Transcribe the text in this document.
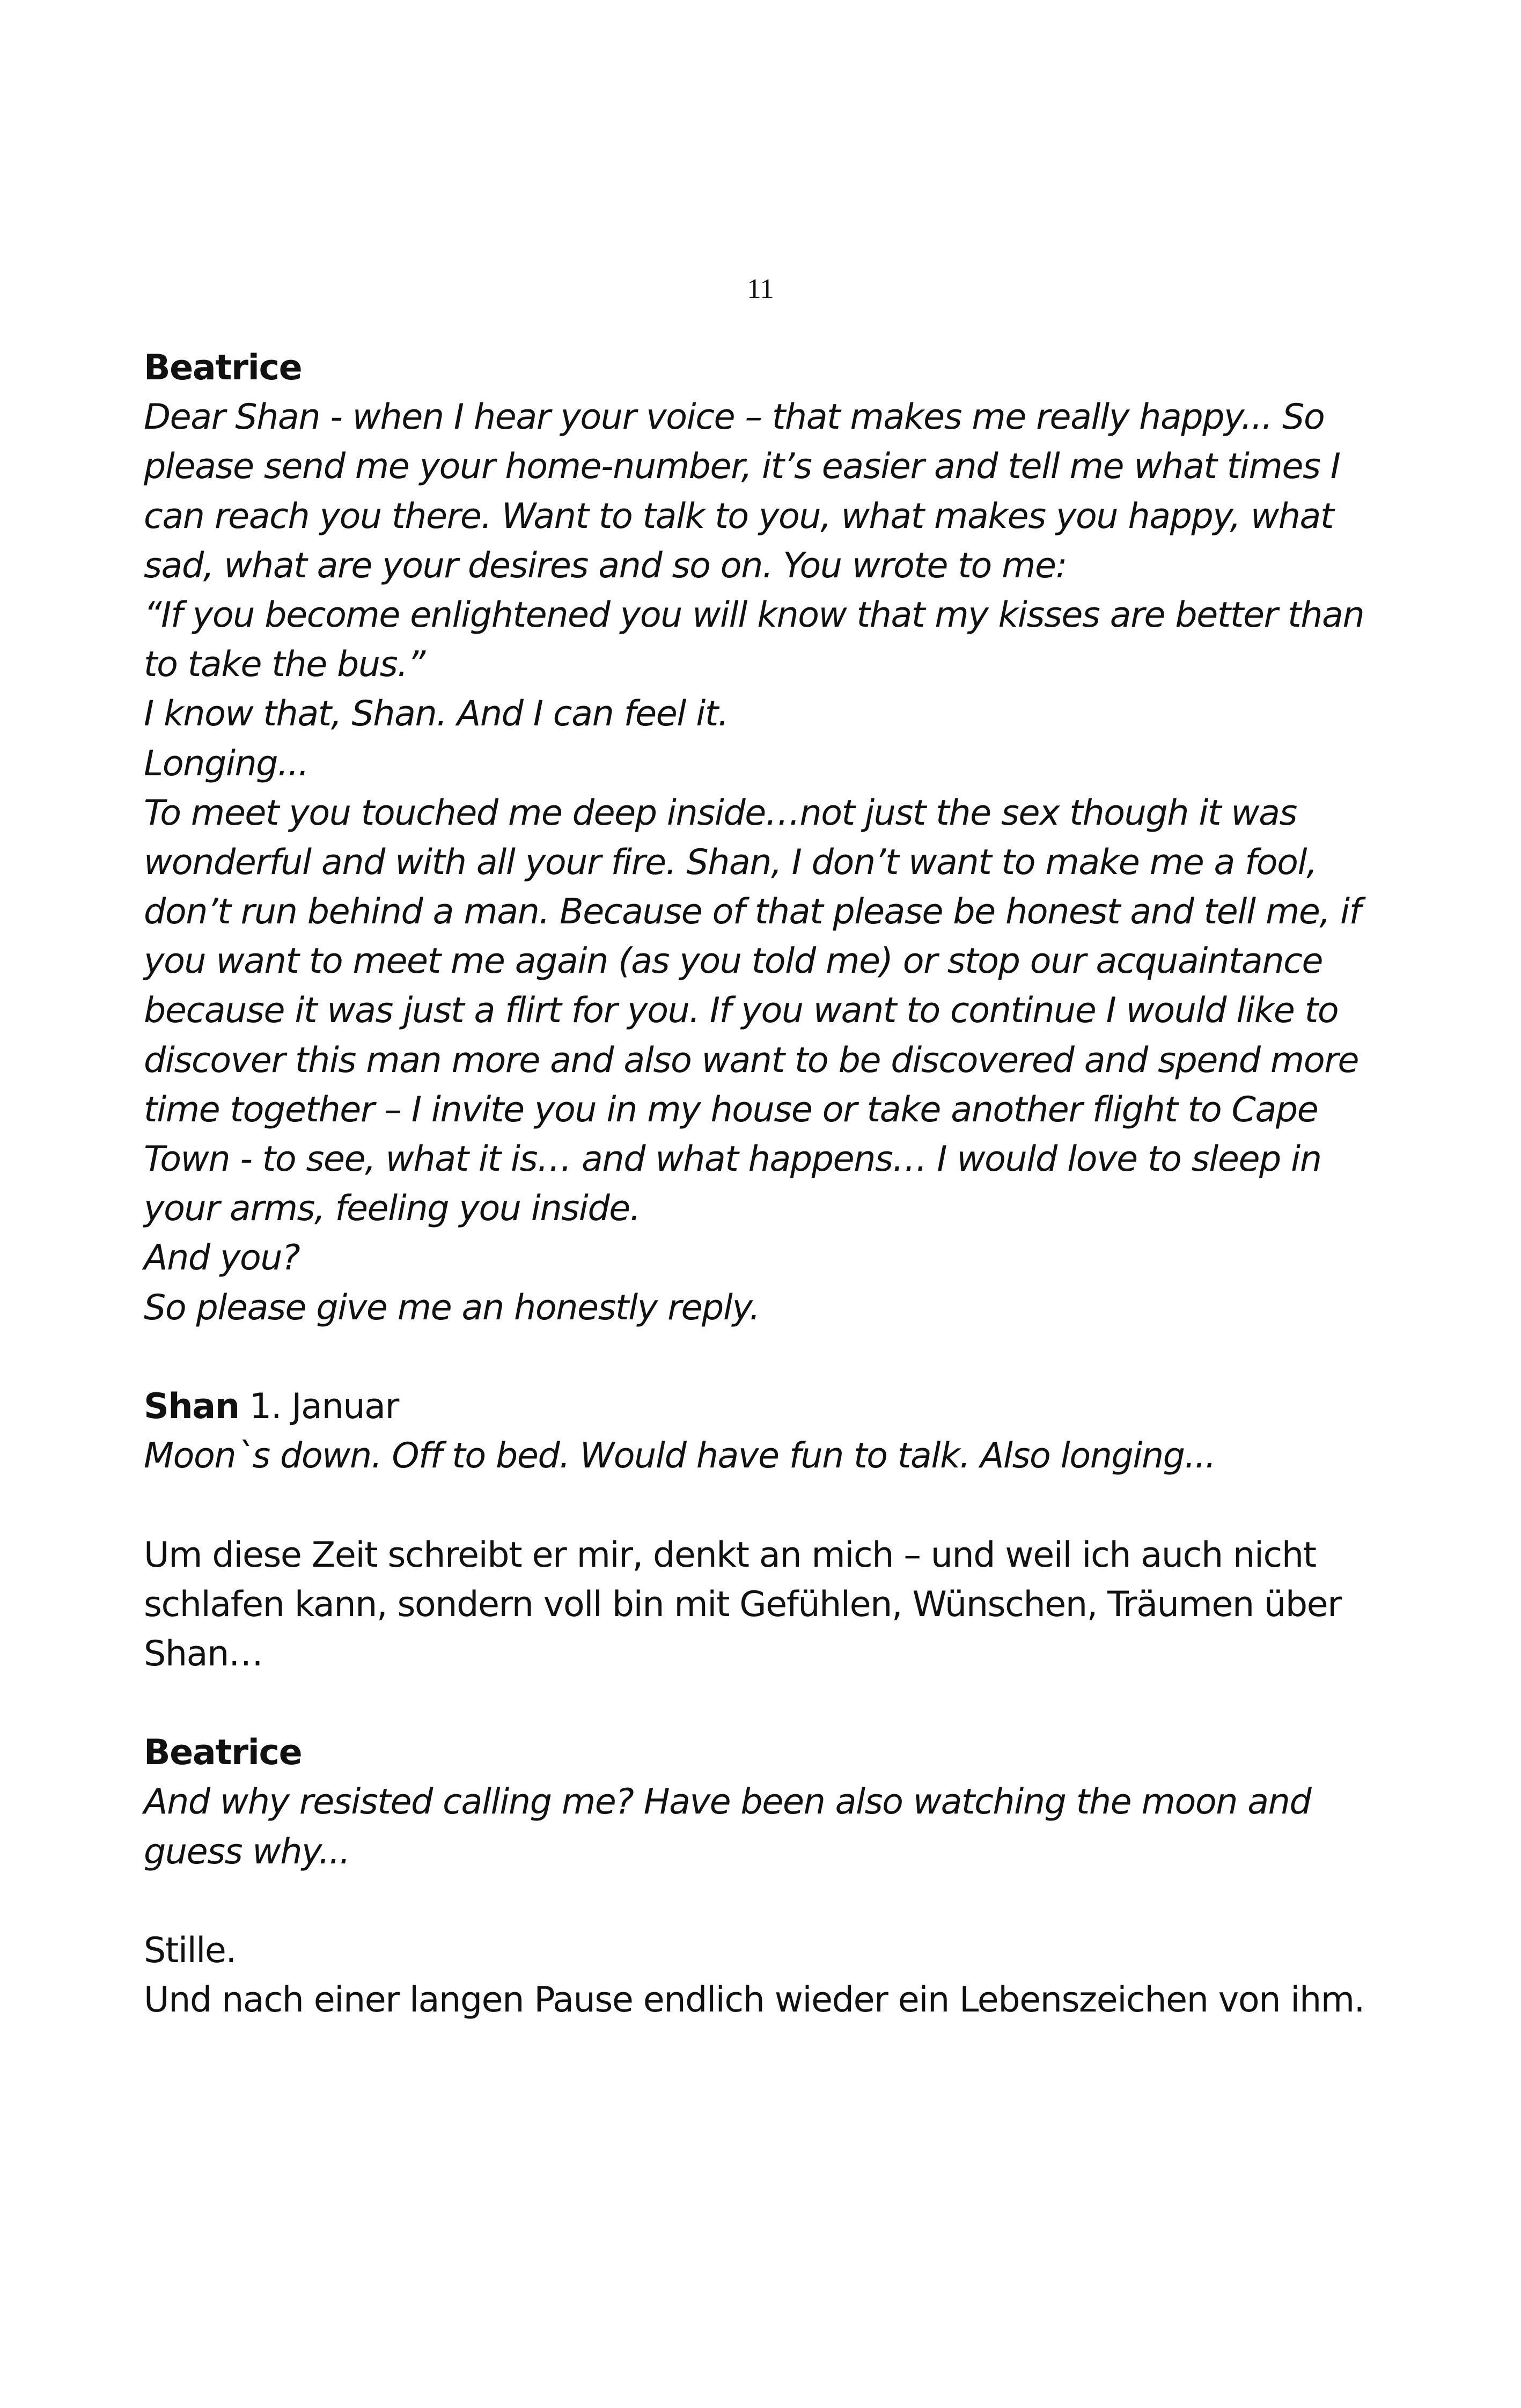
11
Beatrice
Dear Shan - when I hear your voice – that makes me really happy... So
please send me your home-number, it’s easier and tell me what times I
can reach you there. Want to talk to you, what makes you happy, what
sad, what are your desires and so on. You wrote to me:
“If you become enlightened you will know that my kisses are better than
to take the bus.”
I know that, Shan. And I can feel it.
Longing...
To meet you touched me deep inside…not just the sex though it was
wonderful and with all your fire. Shan, I don’t want to make me a fool,
don’t run behind a man. Because of that please be honest and tell me, if
you want to meet me again (as you told me) or stop our acquaintance
because it was just a flirt for you. If you want to continue I would like to
discover this man more and also want to be discovered and spend more
time together – I invite you in my house or take another flight to Cape
Town - to see, what it is… and what happens… I would love to sleep in
your arms, feeling you inside.
And you?
So please give me an honestly reply.
Shan 1. Januar
Moon`s down. Off to bed. Would have fun to talk. Also longing...
Um diese Zeit schreibt er mir, denkt an mich – und weil ich auch nicht
schlafen kann, sondern voll bin mit Gefühlen, Wünschen, Träumen über
Shan…
Beatrice
And why resisted calling me? Have been also watching the moon and
guess why...
Stille.
Und nach einer langen Pause endlich wieder ein Lebenszeichen von ihm.
